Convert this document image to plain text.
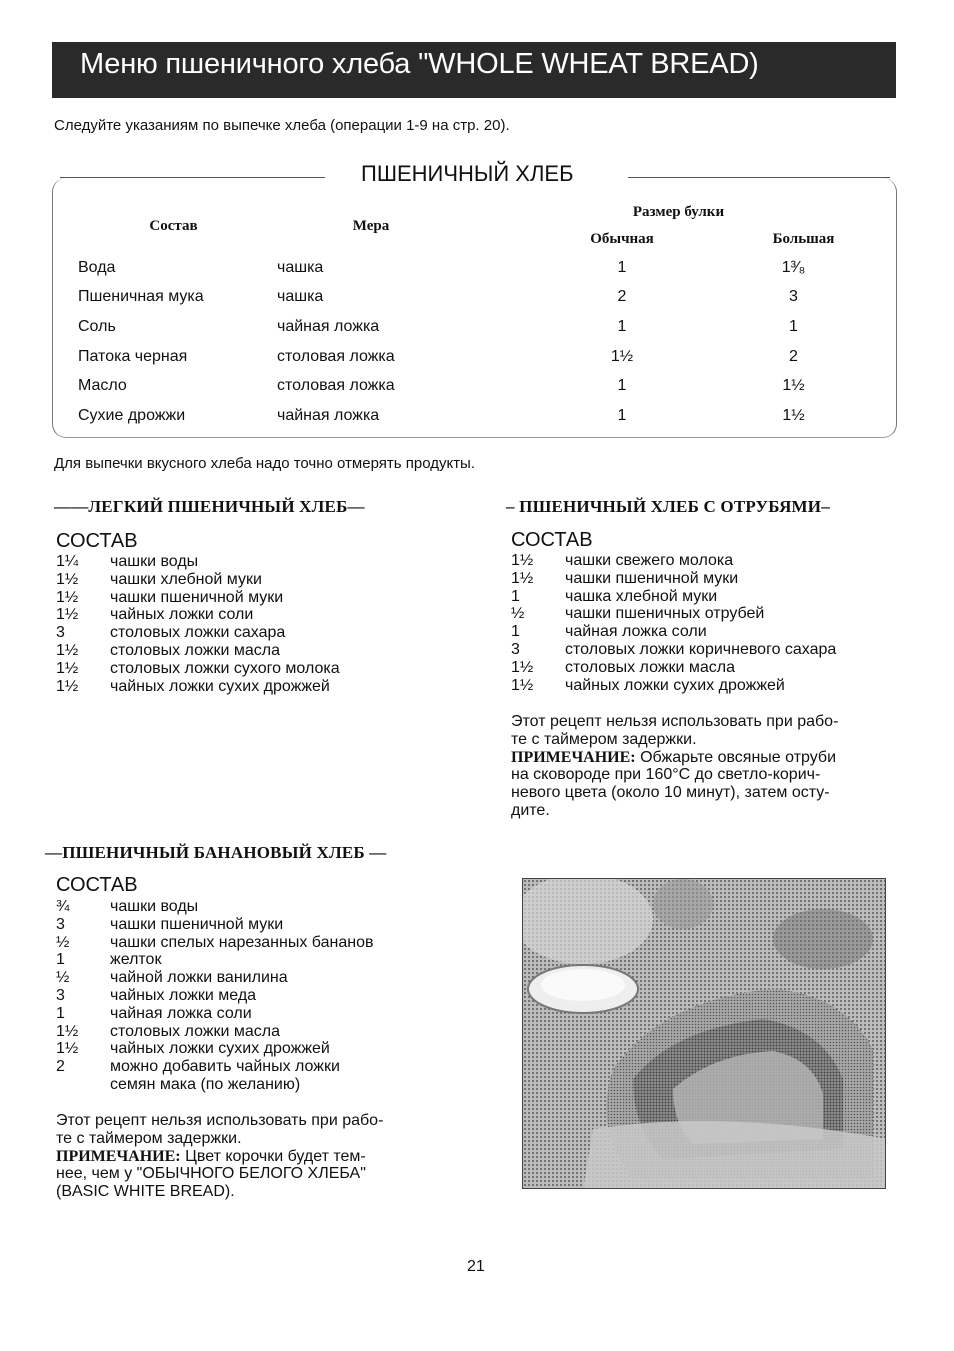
Меню пшеничного хлеба "WHOLE WHEAT BREAD)
Следуйте указаниям по выпечке хлеба (операции 1-9 на стр. 20).
ПШЕНИЧНЫЙ ХЛЕБ
Состав	Мера	Размер булки	
		Обычная	Большая
Вода	чашка	1	1³⁄₈
Пшеничная мука	чашка	2	3
Соль	чайная ложка	1	1
Патока черная	столовая ложка	1½	2
Масло	столовая ложка	1	1½
Сухие дрожжи	чайная ложка	1	1½
Для выпечки вкусного хлеба надо точно отмерять продукты.
——ЛЕГКИЙ ПШЕНИЧНЫЙ ХЛЕБ—
СОСТАВ
1¼	чашки воды
1½	чашки хлебной муки
1½	чашки пшеничной муки
1½	чайных ложки соли
3	столовых ложки сахара
1½	столовых ложки масла
1½	столовых ложки сухого молока
1½	чайных ложки сухих дрожжей
– ПШЕНИЧНЫЙ ХЛЕБ С ОТРУБЯМИ–
СОСТАВ
1½	чашки свежего молока
1½	чашки пшеничной муки
1	чашка хлебной муки
½	чашки пшеничных отрубей
1	чайная ложка соли
3	столовых ложки коричневого сахара
1½	столовых ложки масла
1½	чайных ложки сухих дрожжей
Этот рецепт нельзя использовать при рабо-
те с таймером задержки.
ПРИМЕЧАНИЕ: Обжарьте овсяные отруби
на сковороде при 160°С до светло-корич-
невого цвета (около 10 минут), затем осту-
дите.
—ПШЕНИЧНЫЙ БАНАНОВЫЙ ХЛЕБ —
СОСТАВ
¾	чашки воды
3	чашки пшеничной муки
½	чашки спелых нарезанных бананов
1	желток
½	чайной ложки ванилина
3	чайных ложки меда
1	чайная ложка соли
1½	столовых ложки масла
1½	чайных ложки сухих дрожжей
2	можно добавить чайных ложки
семян мака (по желанию)
Этот рецепт нельзя использовать при рабо-
те с таймером задержки.
ПРИМЕЧАНИЕ: Цвет корочки будет тем-
нее, чем у "ОБЫЧНОГО БЕЛОГО ХЛЕБА"
(BASIC WHITE BREAD).
21
